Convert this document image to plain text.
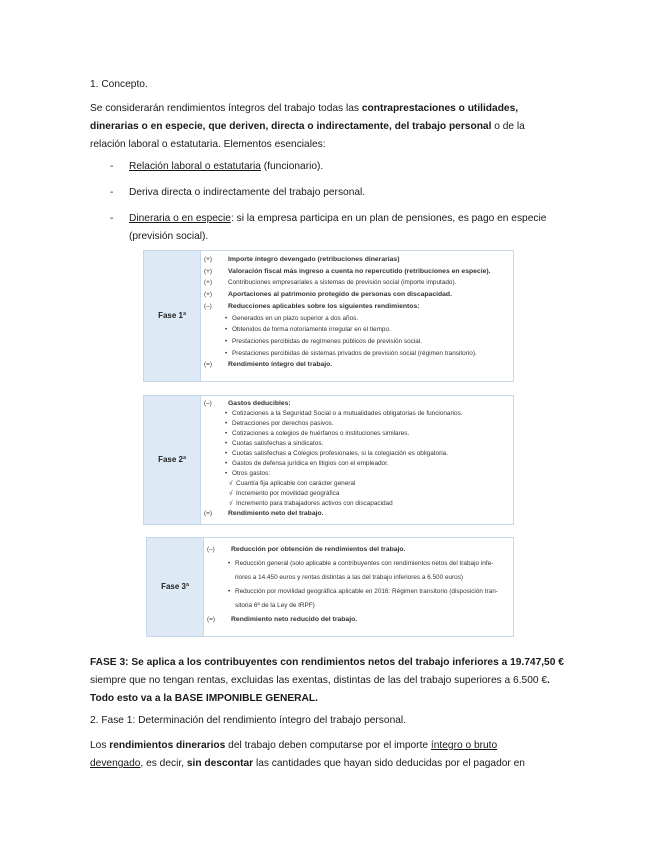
1. Concepto.
Se considerarán rendimientos íntegros del trabajo todas las contraprestaciones o utilidades, dinerarias o en especie, que deriven, directa o indirectamente, del trabajo personal o de la relación laboral o estatutaria. Elementos esenciales:
- Relación laboral o estatutaria (funcionario).
- Deriva directa o indirectamente del trabajo personal.
- Dineraria o en especie: si la empresa participa en un plan de pensiones, es pago en especie (previsión social).
Fase 1ª
(+) Importe íntegro devengado (retribuciones dinerarias)
(+) Valoración fiscal más ingreso a cuenta no repercutido (retribuciones en especie).
(+)	Contribuciones empresariales a sistemas de previsión social (importe imputado).
(+) Aportaciones al patrimonio protegido de personas con discapacidad.
(–) Reducciones aplicables sobre los siguientes rendimientos:
• Generados en un plazo superior a dos años.
• Obtenidos de forma notoriamente irregular en el tiempo.
• Prestaciones percibidas de regímenes públicos de previsión social.
• Prestaciones percibidas de sistemas privados de previsión social (régimen transitorio).
(=) Rendimiento íntegro del trabajo.
Fase 2ª
(–) Gastos deducibles:
• Cotizaciones a la Seguridad Social o a mutualidades obligatorias de funcionarios.
• Detracciones por derechos pasivos.
• Cotizaciones a colegios de huérfanos o instituciones similares.
• Cuotas satisfechas a sindicatos.
• Cuotas satisfechas a Colegios profesionales, si la colegiación es obligatoria.
• Gastos de defensa jurídica en litigios con el empleador.
• Otros gastos:
√ Cuantía fija aplicable con carácter general
√ Incremento por movilidad geográfica
√ Incremento para trabajadores activos con discapacidad
(=) Rendimiento neto del trabajo.
Fase 3ª
(–) Reducción por obtención de rendimientos del trabajo.
• Reducción general (solo aplicable a contribuyentes con rendimientos netos del trabajo infe-
riores a 14.450 euros y rentas distintas a las del trabajo inferiores a 6.500 euros)
• Reducción por movilidad geográfica aplicable en 2016: Régimen transitorio (disposición tran-
sitoria 6ª de la Ley de IRPF)
(=) Rendimiento neto reducido del trabajo.
FASE 3: Se aplica a los contribuyentes con rendimientos netos del trabajo inferiores a 19.747,50 € siempre que no tengan rentas, excluidas las exentas, distintas de las del trabajo superiores a 6.500 €. Todo esto va a la BASE IMPONIBLE GENERAL.
2. Fase 1: Determinación del rendimiento íntegro del trabajo personal.
Los rendimientos dinerarios del trabajo deben computarse por el importe íntegro o bruto devengado, es decir, sin descontar las cantidades que hayan sido deducidas por el pagador en
